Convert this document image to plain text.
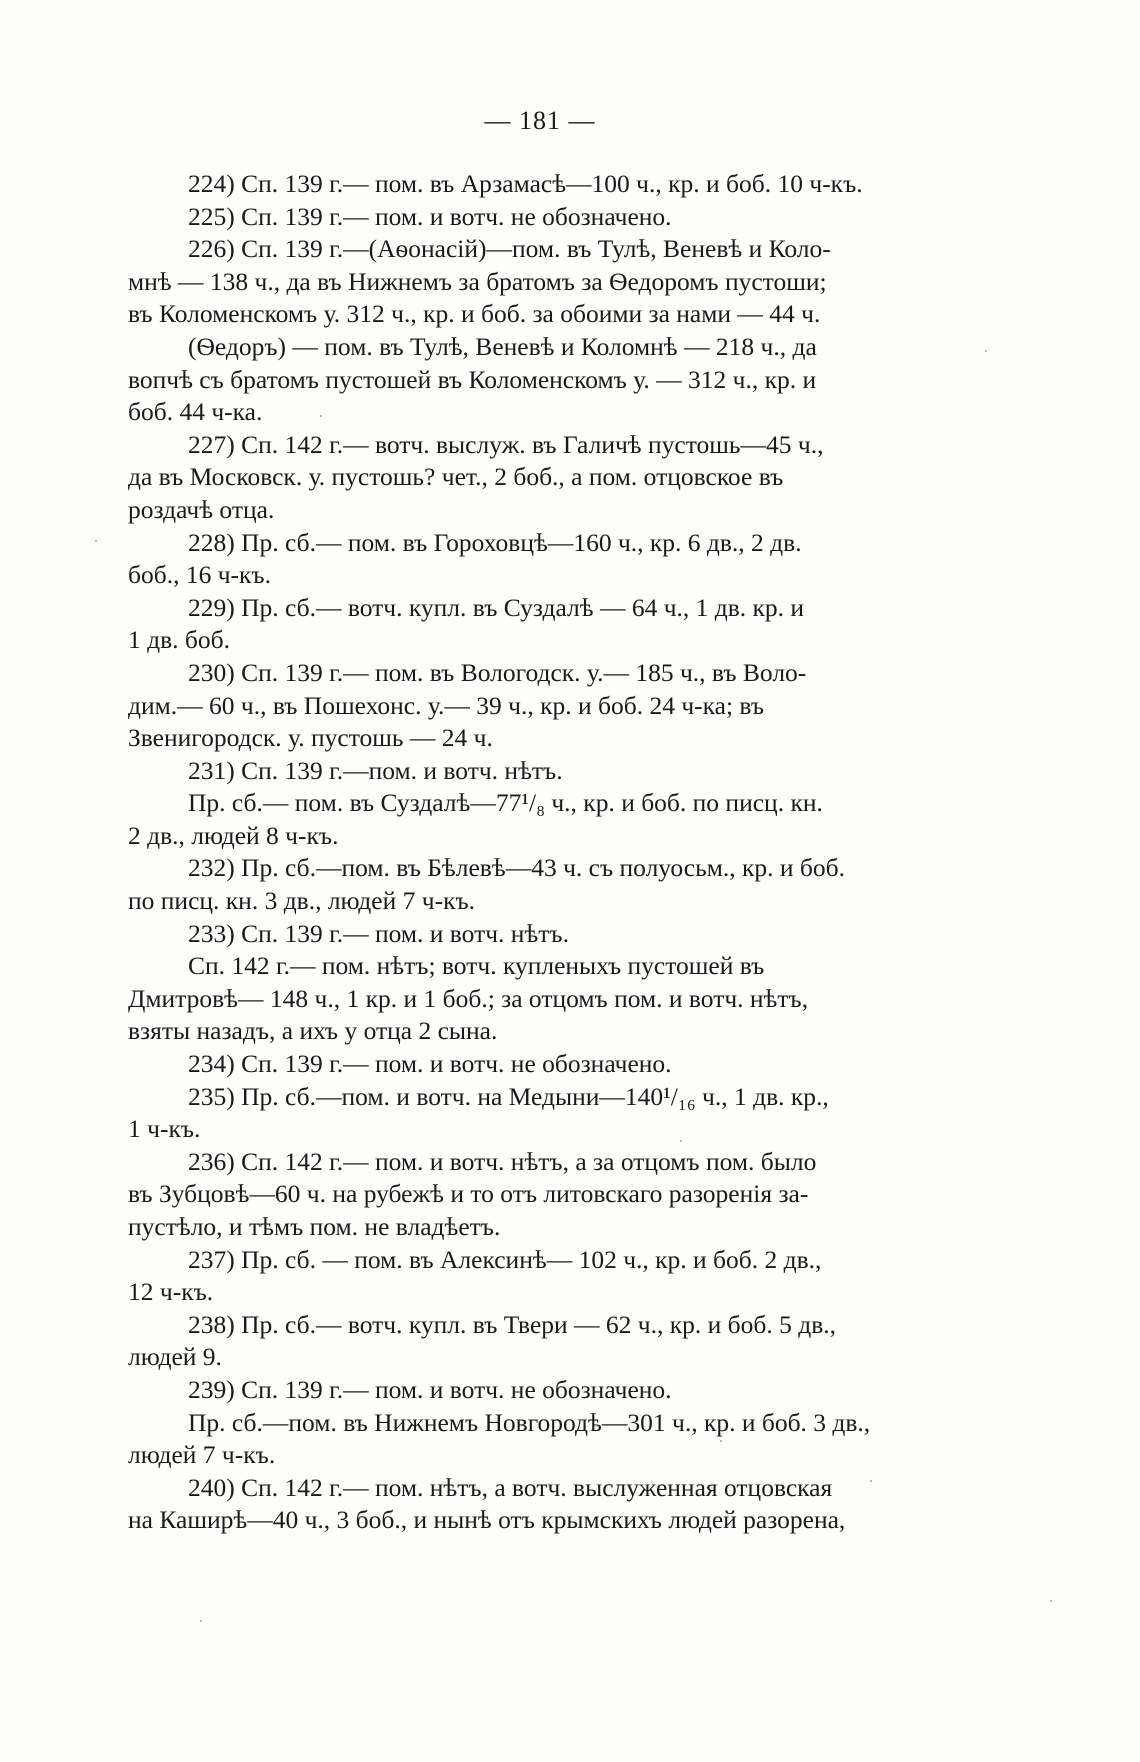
— 181 —
224) Сп. 139 г.— пом. въ Арзамасѣ—100 ч., кр. и боб. 10 ч-къ.
225) Сп. 139 г.— пом. и вотч. не обозначено.
226) Сп. 139 г.—(Аѳонасій)—пом. въ Тулѣ, Веневѣ и Коло-
мнѣ — 138 ч., да въ Нижнемъ за братомъ за Ѳедоромъ пустоши;
въ Коломенскомъ у. 312 ч., кр. и боб. за обоими за нами — 44 ч.
(Ѳедоръ) — пом. въ Тулѣ, Веневѣ и Коломнѣ — 218 ч., да
вопчѣ съ братомъ пустошей въ Коломенскомъ у. — 312 ч., кр. и
боб. 44 ч-ка.
227) Сп. 142 г.— вотч. выслуж. въ Галичѣ пустошь—45 ч.,
да въ Московск. у. пустошь? чет., 2 боб., а пом. отцовское въ
роздачѣ отца.
228) Пр. сб.— пом. въ Гороховцѣ—160 ч., кр. 6 дв., 2 дв.
боб., 16 ч-къ.
229) Пр. сб.— вотч. купл. въ Суздалѣ — 64 ч., 1 дв. кр. и
1 дв. боб.
230) Сп. 139 г.— пом. въ Вологодск. у.— 185 ч., въ Воло-
дим.— 60 ч., въ Пошехонс. у.— 39 ч., кр. и боб. 24 ч-ка; въ
Звенигородск. у. пустошь — 24 ч.
231) Сп. 139 г.—пом. и вотч. нѣтъ.
Пр. сб.— пом. въ Суздалѣ—77¹/₈ ч., кр. и боб. по писц. кн.
2 дв., людей 8 ч-къ.
232) Пр. сб.—пом. въ Бѣлевѣ—43 ч. съ полуосьм., кр. и боб.
по писц. кн. 3 дв., людей 7 ч-къ.
233) Сп. 139 г.— пом. и вотч. нѣтъ.
Сп. 142 г.— пом. нѣтъ; вотч. купленыхъ пустошей въ
Дмитровѣ— 148 ч., 1 кр. и 1 боб.; за отцомъ пом. и вотч. нѣтъ,
взяты назадъ, а ихъ у отца 2 сына.
234) Сп. 139 г.— пом. и вотч. не обозначено.
235) Пр. сб.—пом. и вотч. на Медыни—140¹/₁₆ ч., 1 дв. кр.,
1 ч-къ.
236) Сп. 142 г.— пом. и вотч. нѣтъ, а за отцомъ пом. было
въ Зубцовѣ—60 ч. на рубежѣ и то отъ литовскаго разоренія за-
пустѣло, и тѣмъ пом. не владѣетъ.
237) Пр. сб. — пом. въ Алексинѣ— 102 ч., кр. и боб. 2 дв.,
12 ч-къ.
238) Пр. сб.— вотч. купл. въ Твери — 62 ч., кр. и боб. 5 дв.,
людей 9.
239) Сп. 139 г.— пом. и вотч. не обозначено.
Пр. сб.—пом. въ Нижнемъ Новгородѣ—301 ч., кр. и боб. 3 дв.,
людей 7 ч-къ.
240) Сп. 142 г.— пом. нѣтъ, а вотч. выслуженная отцовская
на Каширѣ—40 ч., 3 боб., и нынѣ отъ крымскихъ людей разорена,
